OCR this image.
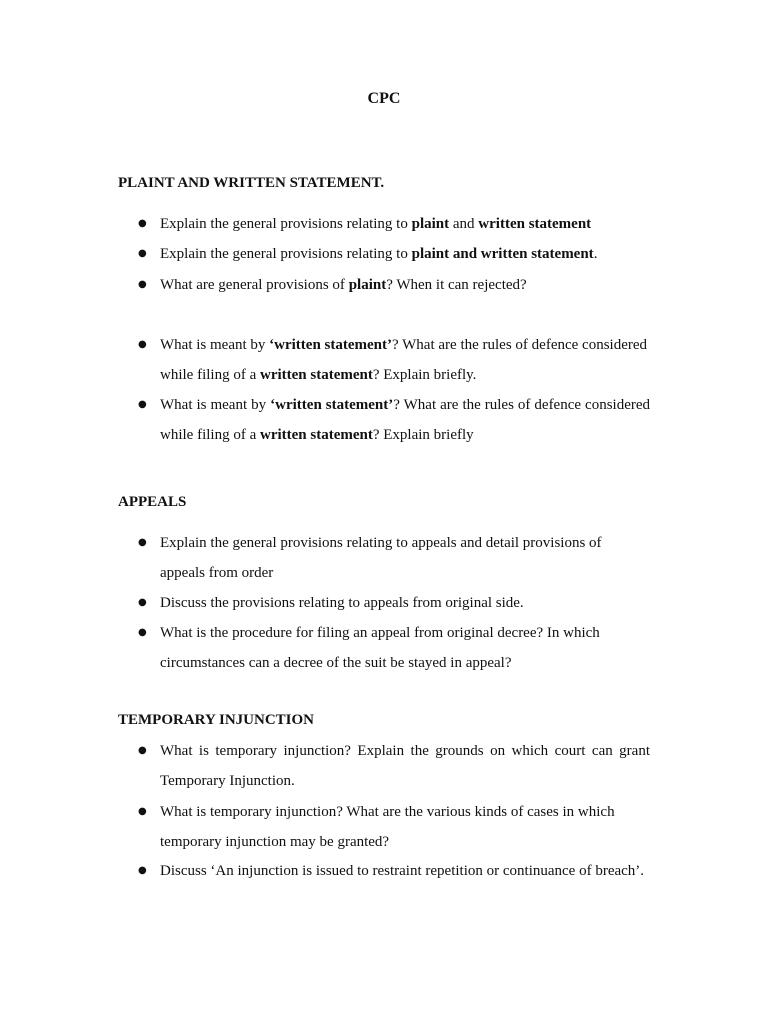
CPC
PLAINT AND WRITTEN STATEMENT.
● Explain the general provisions relating to plaint and written statement
● Explain the general provisions relating to plaint and written statement.
● What are general provisions of plaint? When it can rejected?
● What is meant by ‘written statement’? What are the rules of defence considered while filing of a written statement? Explain briefly.
● What is meant by ‘written statement’? What are the rules of defence considered while filing of a written statement? Explain briefly
APPEALS
● Explain the general provisions relating to appeals and detail provisions of appeals from order
● Discuss the provisions relating to appeals from original side.
● What is the procedure for filing an appeal from original decree? In which circumstances can a decree of the suit be stayed in appeal?
TEMPORARY INJUNCTION
● What is temporary injunction? Explain the grounds on which court can grant Temporary Injunction.
● What is temporary injunction? What are the various kinds of cases in which temporary injunction may be granted?
● Discuss ‘An injunction is issued to restraint repetition or continuance of breach’.
